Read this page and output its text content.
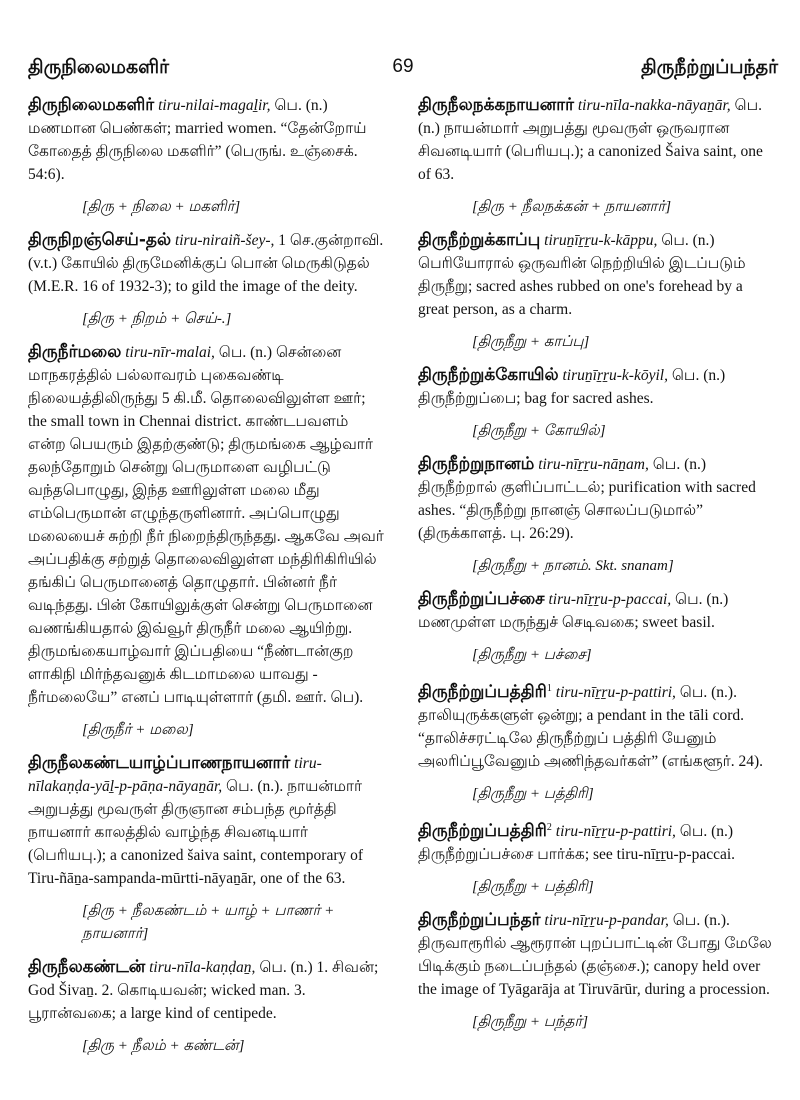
69
திருநிலைமகளிர்	திருநீற்றுப்பந்தர்

திருநிலைமகளிர் tiru-nilai-magaḻir, பெ. (n.) மணமான பெண்கள்; married women. “தேன்றோய் கோதைத் திருநிலை மகளிர்” (பெருங். உஞ்சைக். 54:6).

[திரு + நிலை + மகளிர்]

திருநிறஞ்செய்-தல் tiru-niraiñ-šey-, 1 செ.குன்றாவி. (v.t.) கோயில் திருமேனிக்குப் பொன் மெருகிடுதல் (M.E.R. 16 of 1932-3); to gild the image of the deity.

[திரு + நிறம் + செய்-.]

திருநீர்மலை tiru-nīr-malai, பெ. (n.) சென்னை மாநகரத்தில் பல்லாவரம் புகைவண்டி நிலையத்திலிருந்து 5 கி.மீ. தொலைவிலுள்ள ஊர்; the small town in Chennai district. காண்டபவளம் என்ற பெயரும் இதற்குண்டு; திருமங்கை ஆழ்வார் தலந்தோறும் சென்று பெருமாளை வழிபட்டு வந்தபொழுது, இந்த ஊரிலுள்ள மலை மீது எம்பெருமான் எழுந்தருளினார். அப்பொழுது மலையைச் சுற்றி நீர் நிறைந்திருந்தது. ஆகவே அவர் அப்பதிக்கு சற்றுத் தொலைவிலுள்ள மந்திரிகிரியில் தங்கிப் பெருமானைத் தொழுதார். பின்னர் நீர் வடிந்தது. பின் கோயிலுக்குள் சென்று பெருமானை வணங்கியதால் இவ்வூர் திருநீர் மலை ஆயிற்று. திருமங்கையாழ்வார் இப்பதியை “நீண்டான்குற ளாகிநி மிர்ந்தவனுக் கிடமாமலை யாவது - நீர்மலையே” எனப் பாடியுள்ளார் (தமி. ஊர். பெ).

[திருநீர் + மலை]

திருநீலகண்டயாழ்ப்பாணநாயனார் tiru-nīlakaṇḍa-yāḻ-p-pāṇa-nāyaṉār, பெ. (n.). நாயன்மார் அறுபத்து மூவருள் திருஞான சம்பந்த மூர்த்தி நாயனார் காலத்தில் வாழ்ந்த சிவனடியார் (பெரியபு.); a canonized šaiva saint, contemporary of Tiru-ñāṉa-sampanda-mūrtti-nāyaṉār, one of the 63.

[திரு + நீலகண்டம் + யாழ் + பாணர் + நாயனார்]

திருநீலகண்டன் tiru-nīla-kaṇḍaṉ, பெ. (n.) 1. சிவன்; God Šivaṉ. 2. கொடியவன்; wicked man. 3. பூரான்வகை; a large kind of centipede.

[திரு + நீலம் + கண்டன்]

திருநீலநக்கநாயனார் tiru-nīla-nakka-nāyaṉār, பெ. (n.) நாயன்மார் அறுபத்து மூவருள் ஒருவரான சிவனடியார் (பெரியபு.); a canonized Šaiva saint, one of 63.

[திரு + நீலநக்கன் + நாயனார்]

திருநீற்றுக்காப்பு tiruṉīṟṟu-k-kāppu, பெ. (n.) பெரியோரால் ஒருவரின் நெற்றியில் இடப்படும் திருநீறு; sacred ashes rubbed on one's forehead by a great person, as a charm.

[திருநீறு + காப்பு]

திருநீற்றுக்கோயில் tiruṉīṟṟu-k-kōyil, பெ. (n.) திருநீற்றுப்பை; bag for sacred ashes.

[திருநீறு + கோயில்]

திருநீற்றுநானம் tiru-nīṟṟu-nāṉam, பெ. (n.) திருநீற்றால் குளிப்பாட்டல்; purification with sacred ashes. “திருநீற்று நானஞ் சொலப்படுமால்” (திருக்காளத். பு. 26:29).

[திருநீறு + நானம். Skt. snanam]

திருநீற்றுப்பச்சை tiru-nīṟṟu-p-paccai, பெ. (n.) மணமுள்ள மருந்துச் செடிவகை; sweet basil.

[திருநீறு + பச்சை]

திருநீற்றுப்பத்திரி$^1$ tiru-nīṟṟu-p-pattiri, பெ. (n.). தாலியுருக்களுள் ஒன்று; a pendant in the tāli cord. “தாலிச்சரட்டிலே திருநீற்றுப் பத்திரி யேனும் அலரிப்பூவேனும் அணிந்தவர்கள்” (எங்களூர். 24).

[திருநீறு + பத்திரி]

திருநீற்றுப்பத்திரி$^2$ tiru-nīṟṟu-p-pattiri, பெ. (n.) திருநீற்றுப்பச்சை பார்க்க; see tiru-nīṟṟu-p-paccai.

[திருநீறு + பத்திரி]

திருநீற்றுப்பந்தர் tiru-nīṟṟu-p-pandar, பெ. (n.). திருவாரூரில் ஆரூரான் புறப்பாட்டின் போது மேலே பிடிக்கும் நடைப்பந்தல் (தஞ்சை.); canopy held over the image of Tyāgarāja at Tiruvārūr, during a procession.

[திருநீறு + பந்தர்]
